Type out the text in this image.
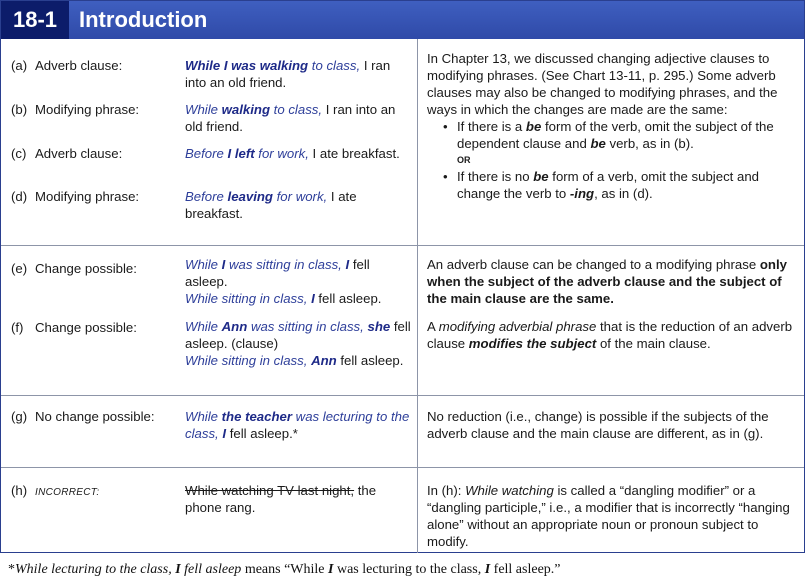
18-1 Introduction
(a) Adverb clause:	While I was walking to class, I ran into an old friend.
(b) Modifying phrase:	While walking to class, I ran into an old friend.
(c) Adverb clause:	Before I left for work, I ate breakfast.
(d) Modifying phrase:	Before leaving for work, I ate breakfast.
In Chapter 13, we discussed changing adjective clauses to modifying phrases. (See Chart 13-11, p. 295.) Some adverb clauses may also be changed to modifying phrases, and the ways in which the changes are made are the same:
• If there is a be form of the verb, omit the subject of the dependent clause and be verb, as in (b).
OR
• If there is no be form of a verb, omit the subject and change the verb to -ing, as in (d).
(e) Change possible:	While I was sitting in class, I fell asleep.
While sitting in class, I fell asleep.
(f) Change possible:	While Ann was sitting in class, she fell asleep. (clause)
While sitting in class, Ann fell asleep.
An adverb clause can be changed to a modifying phrase only when the subject of the adverb clause and the subject of the main clause are the same.
A modifying adverbial phrase that is the reduction of an adverb clause modifies the subject of the main clause.
(g) No change possible:	While the teacher was lecturing to the class, I fell asleep.*
No reduction (i.e., change) is possible if the subjects of the adverb clause and the main clause are different, as in (g).
(h) INCORRECT:	While watching TV last night, the phone rang.
In (h): While watching is called a “dangling modifier” or a “dangling participle,” i.e., a modifier that is incorrectly “hanging alone” without an appropriate noun or pronoun subject to modify.
*While lecturing to the class, I fell asleep means “While I was lecturing to the class, I fell asleep.”
